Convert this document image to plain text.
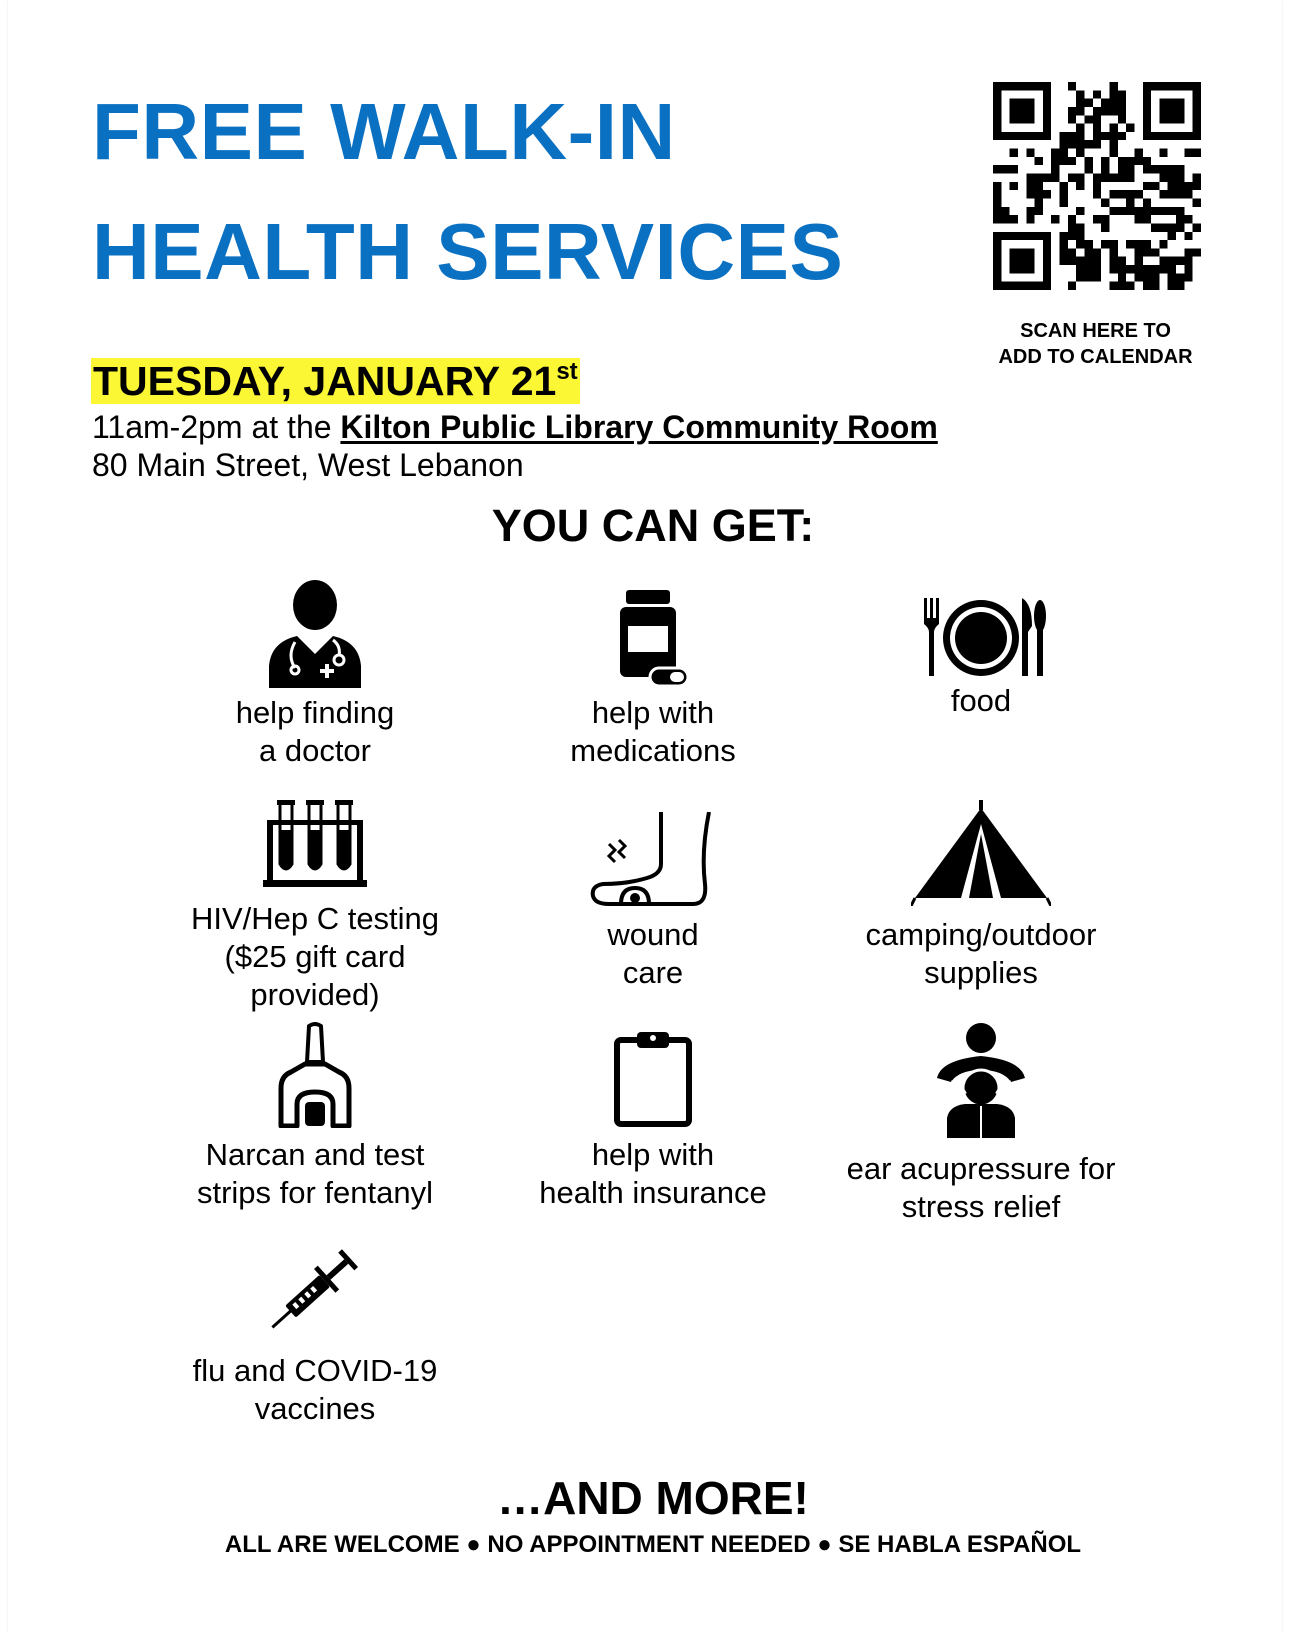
FREE WALK-IN
HEALTH SERVICES
SCAN HERE TO
ADD TO CALENDAR
TUESDAY, JANUARY 21st
11am-2pm at the Kilton Public Library Community Room
80 Main Street, West Lebanon
YOU CAN GET:
help finding
a doctor
help with
medications
food
HIV/Hep C testing
($25 gift card
provided)
wound
care
camping/outdoor
supplies
Narcan and test
strips for fentanyl
help with
health insurance
ear acupressure for
stress relief
flu and COVID-19
vaccines
…AND MORE!
ALL ARE WELCOME ● NO APPOINTMENT NEEDED ● SE HABLA ESPAÑOL
